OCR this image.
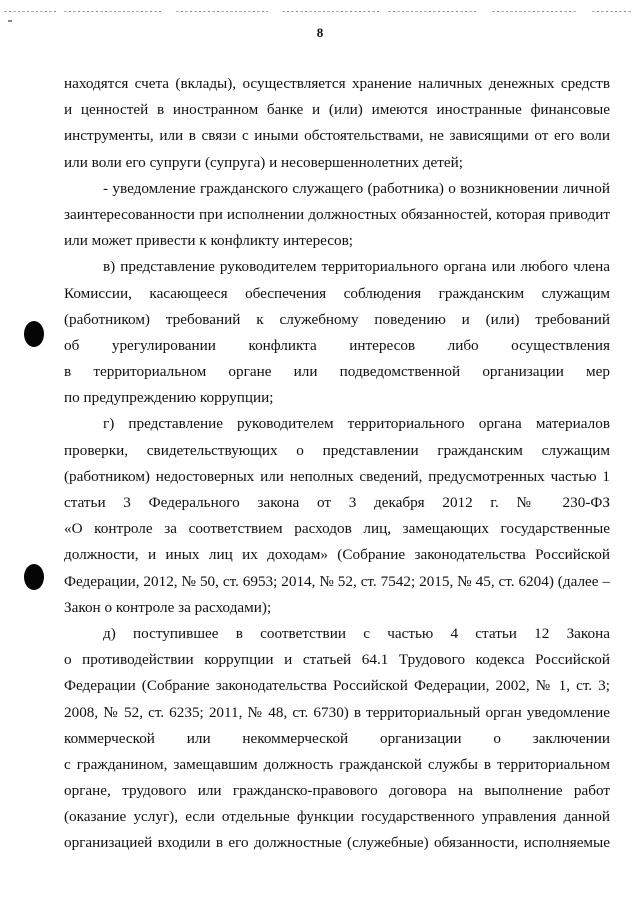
8
находятся счета (вклады), осуществляется хранение наличных денежных средств
и ценностей в иностранном банке и (или) имеются иностранные финансовые
инструменты, или в связи с иными обстоятельствами, не зависящими от его воли
или воли его супруги (супруга) и несовершеннолетних детей;
- уведомление гражданского служащего (работника) о возникновении личной
заинтересованности при исполнении должностных обязанностей, которая приводит
или может привести к конфликту интересов;
в) представление руководителем территориального органа или любого члена
Комиссии, касающееся обеспечения соблюдения гражданским служащим
(работником) требований к служебному поведению и (или) требований
об урегулировании конфликта интересов либо осуществления
в территориальном органе или подведомственной организации мер
по предупреждению коррупции;
г) представление руководителем территориального органа материалов
проверки, свидетельствующих о представлении гражданским служащим
(работником) недостоверных или неполных сведений, предусмотренных частью 1
статьи 3 Федерального закона от 3 декабря 2012 г. № 230-ФЗ
«О контроле за соответствием расходов лиц, замещающих государственные
должности, и иных лиц их доходам» (Собрание законодательства Российской
Федерации, 2012, № 50, ст. 6953; 2014, № 52, ст. 7542; 2015, № 45, ст. 6204) (далее –
Закон о контроле за расходами);
д) поступившее в соответствии с частью 4 статьи 12 Закона
о противодействии коррупции и статьей 64.1 Трудового кодекса Российской
Федерации (Собрание законодательства Российской Федерации, 2002, № 1, ст. 3;
2008, № 52, ст. 6235; 2011, № 48, ст. 6730) в территориальный орган уведомление
коммерческой или некоммерческой организации о заключении
с гражданином, замещавшим должность гражданской службы в территориальном
органе, трудового или гражданско-правового договора на выполнение работ
(оказание услуг), если отдельные функции государственного управления данной
организацией входили в его должностные (служебные) обязанности, исполняемые
